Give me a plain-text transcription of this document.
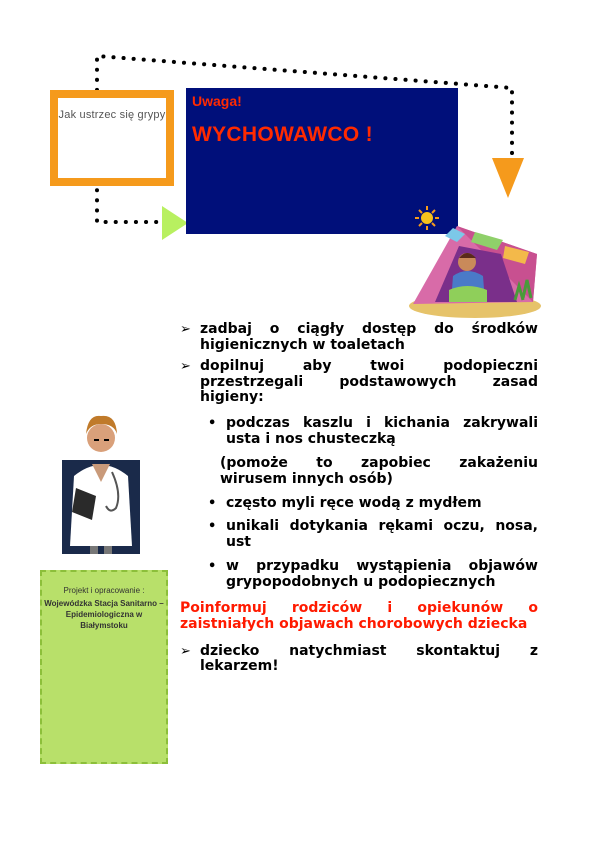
Jak ustrzec się grypy
Uwaga!
WYCHOWAWCO !
➢ zadbaj o ciągły dostęp do środków higienicznych w toaletach
➢ dopilnuj aby twoi podopieczni przestrzegali podstawowych zasad higieny:
• podczas kaszlu i kichania zakrywali usta i nos chusteczką
(pomoże to zapobiec zakażeniu wirusem innych osób)
• często myli ręce wodą z mydłem
• unikali dotykania rękami oczu, nosa, ust
• w przypadku wystąpienia objawów grypopodobnych u podopiecznych
Poinformuj rodziców i opiekunów o zaistniałych objawach chorobowych dziecka
➢ dziecko natychmiast skontaktuj z lekarzem!
Projekt i opracowanie :
Wojewódzka Stacja Sanitarno – Epidemiologiczna w Białymstoku
